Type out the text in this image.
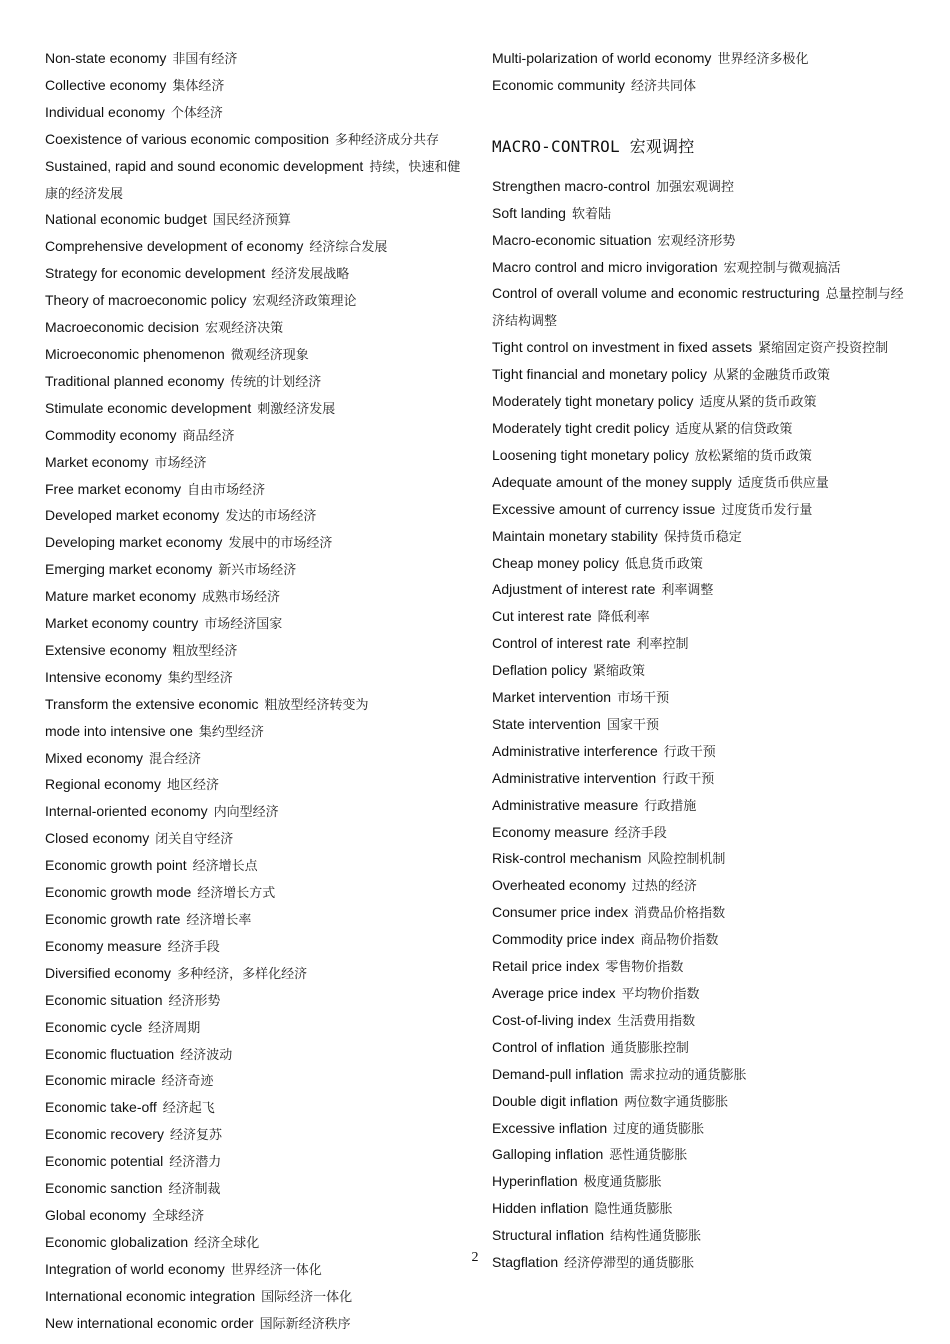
Non-state economy 非国有经济
Collective economy 集体经济
Individual economy 个体经济
Coexistence of various economic composition 多种经济成分共存
Sustained, rapid and sound economic development 持续，快速和健康的经济发展
National economic budget 国民经济预算
Comprehensive development of economy 经济综合发展
Strategy for economic development 经济发展战略
Theory of macroeconomic policy 宏观经济政策理论
Macroeconomic decision 宏观经济决策
Microeconomic phenomenon 微观经济现象
Traditional planned economy 传统的计划经济
Stimulate economic development 刺激经济发展
Commodity economy 商品经济
Market economy 市场经济
Free market economy 自由市场经济
Developed market economy 发达的市场经济
Developing market economy 发展中的市场经济
Emerging market economy 新兴市场经济
Mature market economy 成熟市场经济
Market economy country 市场经济国家
Extensive economy 粗放型经济
Intensive economy 集约型经济
Transform the extensive economic 粗放型经济转变为
mode into intensive one 集约型经济
Mixed economy 混合经济
Regional economy 地区经济
Internal-oriented economy 内向型经济
Closed economy 闭关自守经济
Economic growth point 经济增长点
Economic growth mode 经济增长方式
Economic growth rate 经济增长率
Economy measure 经济手段
Diversified economy 多种经济，多样化经济
Economic situation 经济形势
Economic cycle 经济周期
Economic fluctuation 经济波动
Economic miracle 经济奇迹
Economic take-off 经济起飞
Economic recovery 经济复苏
Economic potential 经济潜力
Economic sanction 经济制裁
Global economy 全球经济
Economic globalization 经济全球化
Integration of world economy 世界经济一体化
International economic integration 国际经济一体化
New international economic order 国际新经济秩序
Multi-polarization of world economy 世界经济多极化
Economic community 经济共同体
MACRO-CONTROL 宏观调控
Strengthen macro-control 加强宏观调控
Soft landing 软着陆
Macro-economic situation 宏观经济形势
Macro control and micro invigoration 宏观控制与微观搞活
Control of overall volume and economic restructuring 总量控制与经济结构调整
Tight control on investment in fixed assets 紧缩固定资产投资控制
Tight financial and monetary policy 从紧的金融货币政策
Moderately tight monetary policy 适度从紧的货币政策
Moderately tight credit policy 适度从紧的信贷政策
Loosening tight monetary policy 放松紧缩的货币政策
Adequate amount of the money supply 适度货币供应量
Excessive amount of currency issue 过度货币发行量
Maintain monetary stability 保持货币稳定
Cheap money policy 低息货币政策
Adjustment of interest rate 利率调整
Cut interest rate 降低利率
Control of interest rate 利率控制
Deflation policy 紧缩政策
Market intervention 市场干预
State intervention 国家干预
Administrative interference 行政干预
Administrative intervention 行政干预
Administrative measure 行政措施
Economy measure 经济手段
Risk-control mechanism 风险控制机制
Overheated economy 过热的经济
Consumer price index 消费品价格指数
Commodity price index 商品物价指数
Retail price index 零售物价指数
Average price index 平均物价指数
Cost-of-living index 生活费用指数
Control of inflation 通货膨胀控制
Demand-pull inflation 需求拉动的通货膨胀
Double digit inflation 两位数字通货膨胀
Excessive inflation 过度的通货膨胀
Galloping inflation 恶性通货膨胀
Hyperinflation 极度通货膨胀
Hidden inflation 隐性通货膨胀
Structural inflation 结构性通货膨胀
Stagflation 经济停滞型的通货膨胀
2
